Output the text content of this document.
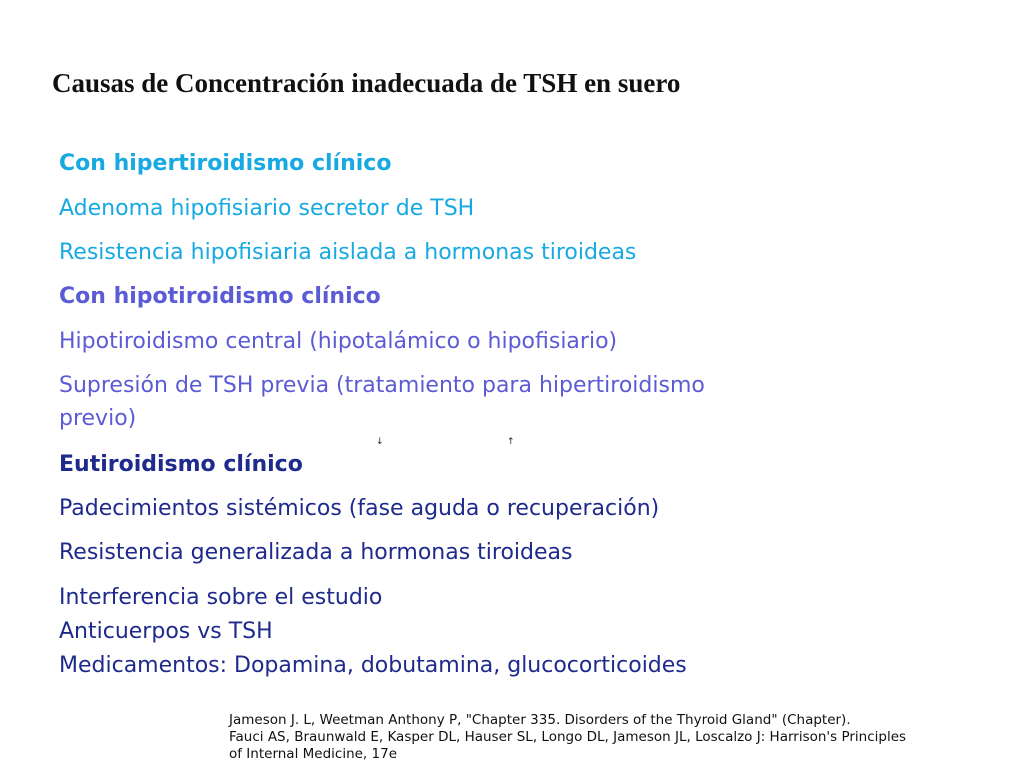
Causas de Concentración inadecuada de TSH en suero
Con hipertiroidismo clínico
Adenoma hipofisiario secretor de TSH
Resistencia hipofisiaria aislada a hormonas tiroideas
Con hipotiroidismo clínico
Hipotiroidismo central (hipotalámico o hipofisiario)
Supresión de TSH previa (tratamiento para hipertiroidismo
previo)
↓	↑
Eutiroidismo clínico
Padecimientos sistémicos (fase aguda o recuperación)
Resistencia generalizada a hormonas tiroideas
Interferencia sobre el estudio
Anticuerpos vs TSH
Medicamentos: Dopamina, dobutamina, glucocorticoides
Jameson J. L, Weetman Anthony P, "Chapter 335. Disorders of the Thyroid Gland" (Chapter).
Fauci AS, Braunwald E, Kasper DL, Hauser SL, Longo DL, Jameson JL, Loscalzo J: Harrison's Principles
of Internal Medicine, 17e
